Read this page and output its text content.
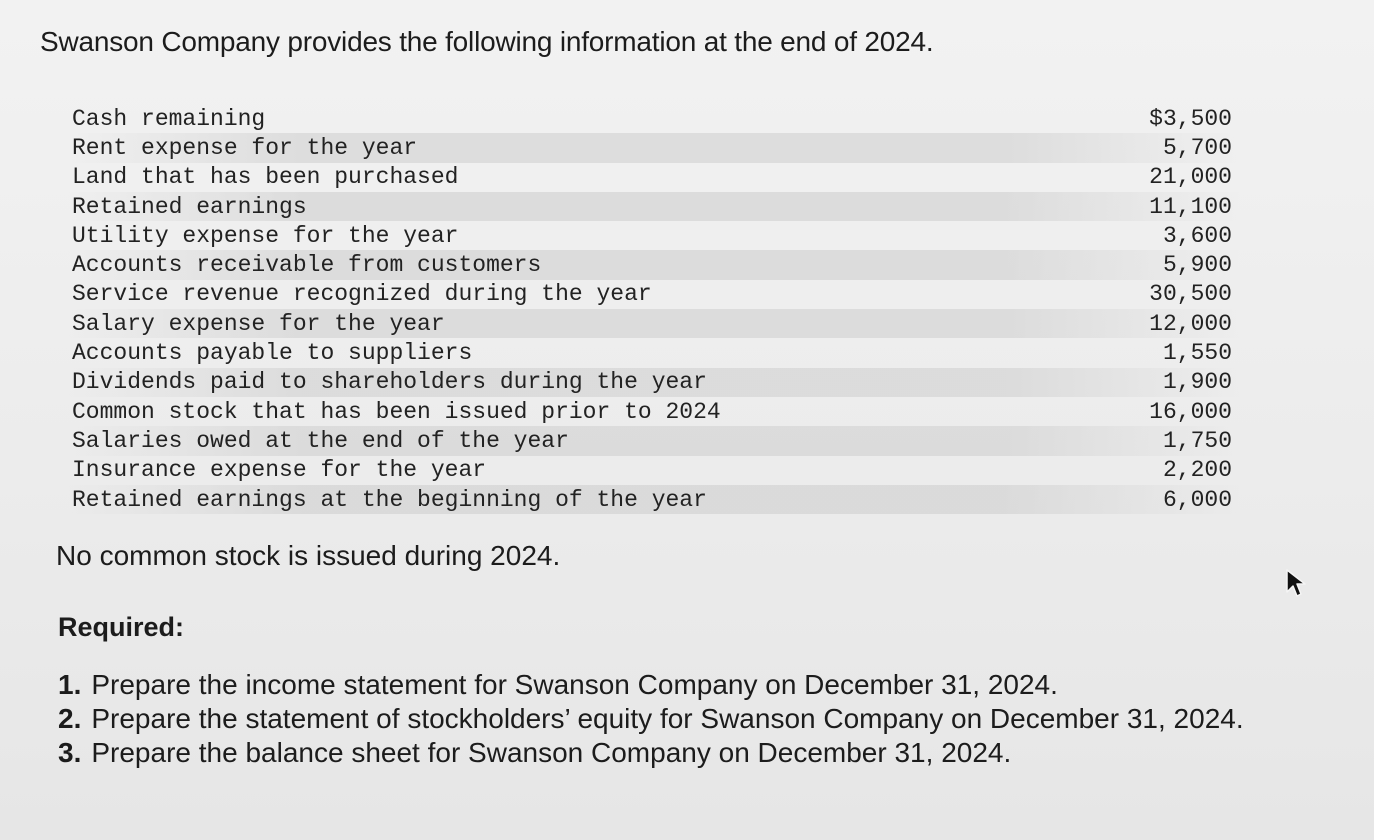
Swanson Company provides the following information at the end of 2024.
Cash remaining	$3,500
Rent expense for the year	5,700
Land that has been purchased	21,000
Retained earnings	11,100
Utility expense for the year	3,600
Accounts receivable from customers	5,900
Service revenue recognized during the year	30,500
Salary expense for the year	12,000
Accounts payable to suppliers	1,550
Dividends paid to shareholders during the year	1,900
Common stock that has been issued prior to 2024	16,000
Salaries owed at the end of the year	1,750
Insurance expense for the year	2,200
Retained earnings at the beginning of the year	6,000

No common stock is issued during 2024.

Required:
1. Prepare the income statement for Swanson Company on December 31, 2024.
2. Prepare the statement of stockholders’ equity for Swanson Company on December 31, 2024.
3. Prepare the balance sheet for Swanson Company on December 31, 2024.
